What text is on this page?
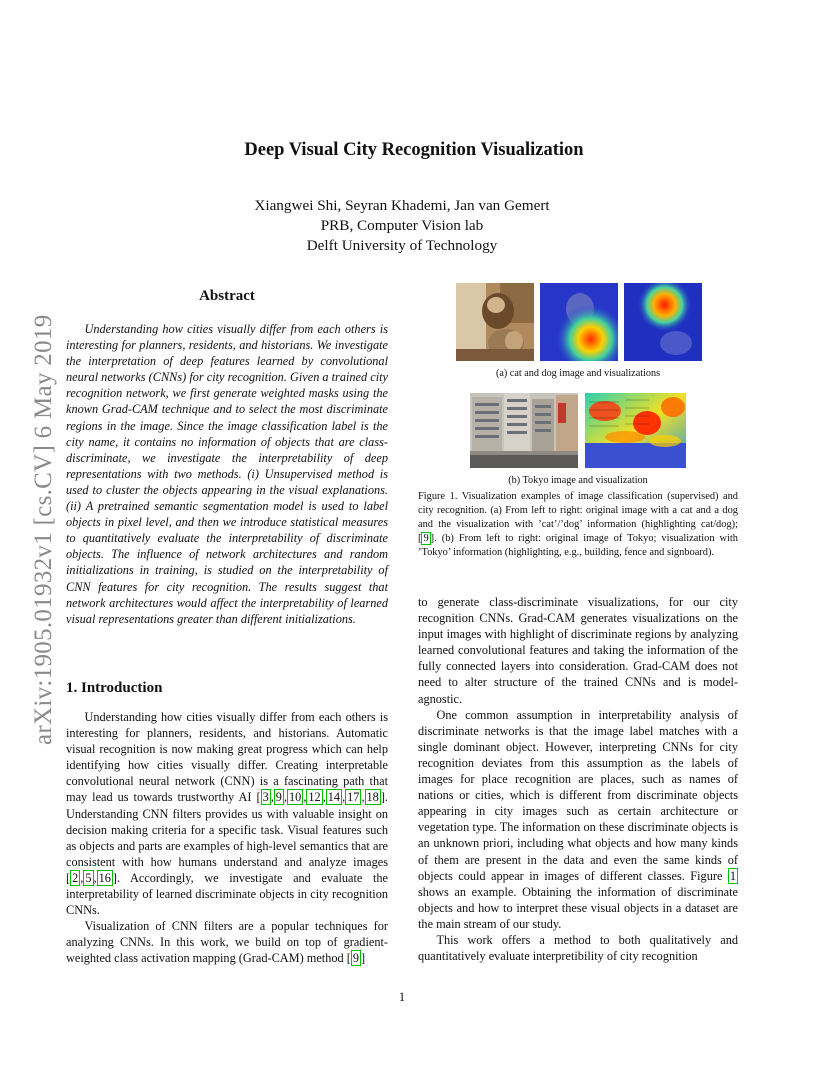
arXiv:1905.01932v1 [cs.CV] 6 May 2019
Deep Visual City Recognition Visualization
Xiangwei Shi, Seyran Khademi, Jan van Gemert
PRB, Computer Vision lab
Delft University of Technology
Abstract
Understanding how cities visually differ from each others is interesting for planners, residents, and historians. We investigate the interpretation of deep features learned by convolutional neural networks (CNNs) for city recognition. Given a trained city recognition network, we first generate weighted masks using the known Grad-CAM technique and to select the most discriminate regions in the image. Since the image classification label is the city name, it contains no information of objects that are class-discriminate, we investigate the interpretability of deep representations with two methods. (i) Unsupervised method is used to cluster the objects appearing in the visual explanations. (ii) A pretrained semantic segmentation model is used to label objects in pixel level, and then we introduce statistical measures to quantitatively evaluate the interpretability of discriminate objects. The influence of network architectures and random initializations in training, is studied on the interpretability of CNN features for city recognition. The results suggest that network architectures would affect the interpretability of learned visual representations greater than different initializations.
1. Introduction

Understanding how cities visually differ from each others is interesting for planners, residents, and historians. Automatic visual recognition is now making great progress which can help identifying how cities visually differ. Creating interpretable convolutional neural network (CNN) is a fascinating path that may lead us towards trustworthy AI [ 3 , 9 , 10 , 12 , 14 , 17 , 18 ]. Understanding CNN filters provides us with valuable insight on decision making criteria for a specific task. Visual features such as objects and parts are examples of high-level semantics that are consistent with how humans understand and analyze images [ 2 , 5 , 16 ]. Accordingly, we investigate and evaluate the interpretability of learned discriminate objects in city recognition CNNs.

Visualization of CNN filters are a popular techniques for analyzing CNNs. In this work, we build on top of gradient-weighted class activation mapping (Grad-CAM) method [ 9 ]

(a) cat and dog image and visualizations
(b) Tokyo image and visualization
Figure 1. Visualization examples of image classification (supervised) and city recognition. (a) From left to right: original image with a cat and a dog and the visualization with ’cat’/’dog’ information (highlighting cat/dog); [ 9 ]. (b) From left to right: original image of Tokyo; visualization with ’Tokyo’ information (highlighting, e.g., building, fence and signboard).

to generate class-discriminate visualizations, for our city recognition CNNs. Grad-CAM generates visualizations on the input images with highlight of discriminate regions by analyzing learned convolutional features and taking the information of the fully connected layers into consideration. Grad-CAM does not need to alter structure of the trained CNNs and is model-agnostic.

One common assumption in interpretability analysis of discriminate networks is that the image label matches with a single dominant object. However, interpreting CNNs for city recognition deviates from this assumption as the labels of images for place recognition are places, such as names of nations or cities, which is different from discriminate objects appearing in city images such as certain architecture or vegetation type. The information on these discriminate objects is an unknown priori, including what objects and how many kinds of them are present in the data and even the same kinds of objects could appear in images of different classes. Figure 1 shows an example. Obtaining the information of discriminate objects and how to interpret these visual objects in a dataset are the main stream of our study.

This work offers a method to both qualitatively and quantitatively evaluate interpretibility of city recognition

1
